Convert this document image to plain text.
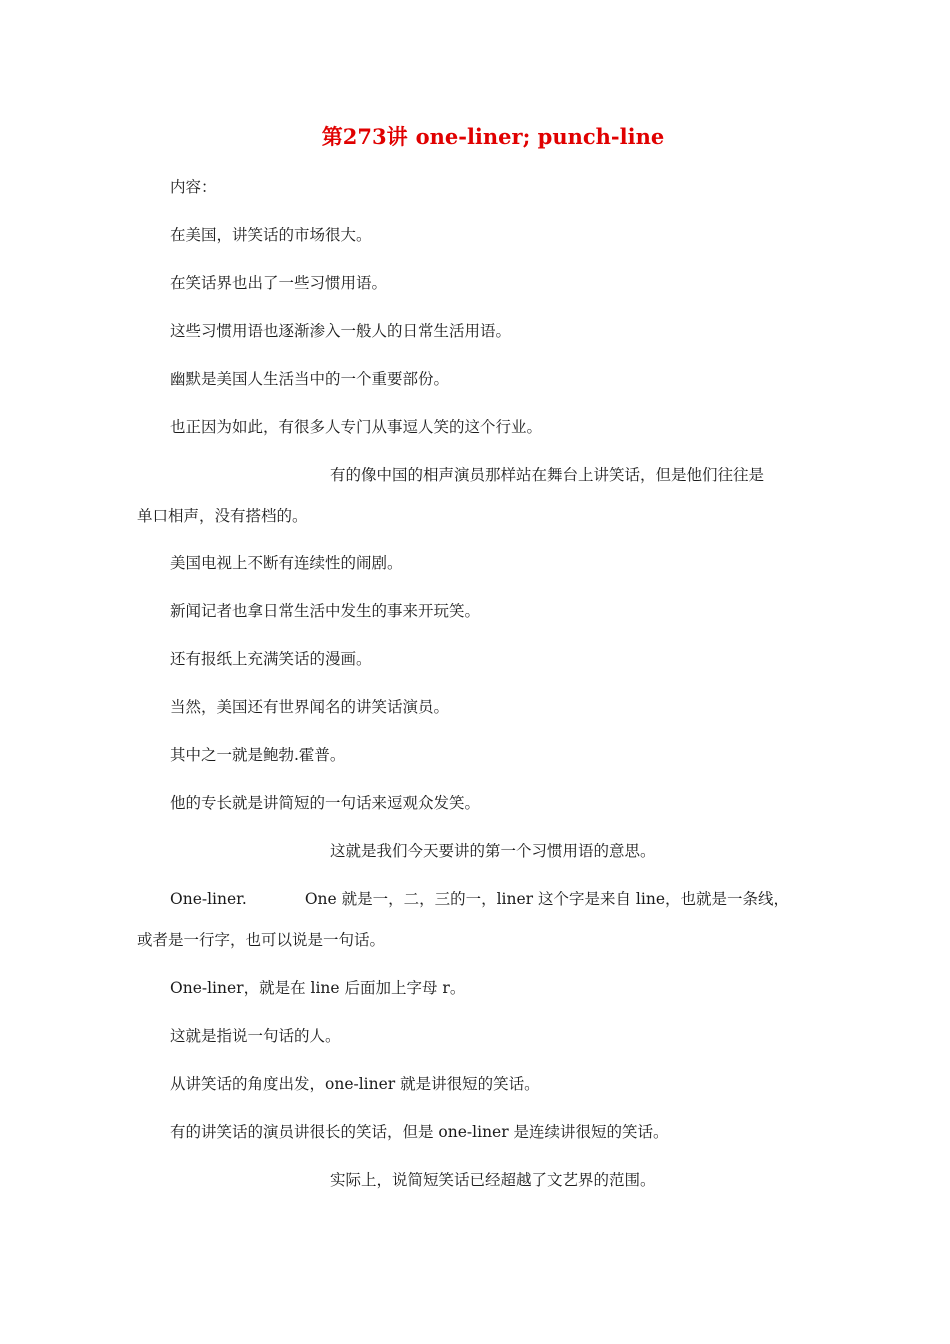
第273讲 one-liner; punch-line
内容：
在美国，讲笑话的市场很大。
在笑话界也出了一些习惯用语。
这些习惯用语也逐渐渗入一般人的日常生活用语。
幽默是美国人生活当中的一个重要部份。
也正因为如此，有很多人专门从事逗人笑的这个行业。
有的像中国的相声演员那样站在舞台上讲笑话，但是他们往往是
单口相声，没有搭档的。
美国电视上不断有连续性的闹剧。
新闻记者也拿日常生活中发生的事来开玩笑。
还有报纸上充满笑话的漫画。
当然，美国还有世界闻名的讲笑话演员。
其中之一就是鲍勃.霍普。
他的专长就是讲简短的一句话来逗观众发笑。
这就是我们今天要讲的第一个习惯用语的意思。
One-liner.	One 就是一，二，三的一，liner 这个字是来自 line，也就是一条线，
或者是一行字，也可以说是一句话。
One-liner，就是在 line 后面加上字母 r。
这就是指说一句话的人。
从讲笑话的角度出发，one-liner 就是讲很短的笑话。
有的讲笑话的演员讲很长的笑话，但是 one-liner 是连续讲很短的笑话。
实际上，说简短笑话已经超越了文艺界的范围。
